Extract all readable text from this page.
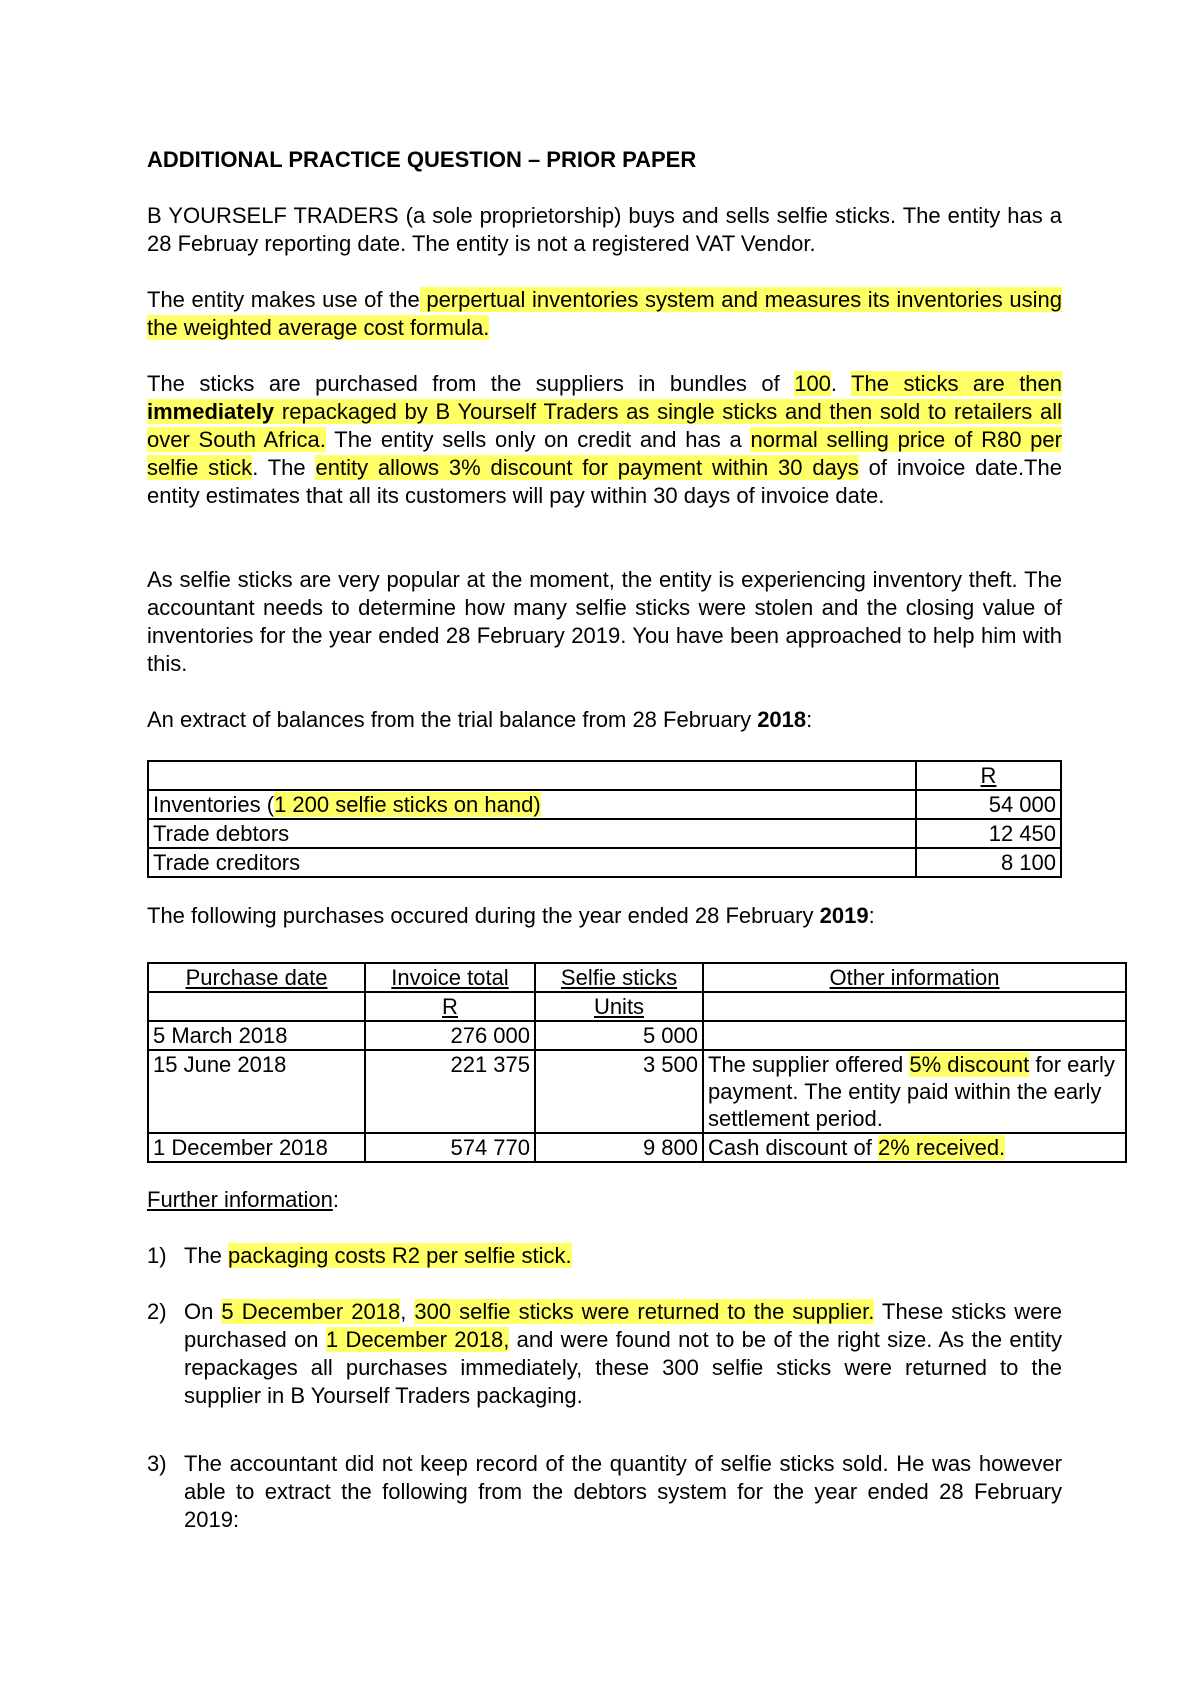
ADDITIONAL PRACTICE QUESTION – PRIOR PAPER

B YOURSELF TRADERS (a sole proprietorship) buys and sells selfie sticks. The entity has a 28 Februay reporting date. The entity is not a registered VAT Vendor.

The entity makes use of the perpertual inventories system and measures its inventories using the weighted average cost formula.

The sticks are purchased from the suppliers in bundles of 100. The sticks are then immediately repackaged by B Yourself Traders as single sticks and then sold to retailers all over South Africa. The entity sells only on credit and has a normal selling price of R80 per selfie stick. The entity allows 3% discount for payment within 30 days of invoice date.The entity estimates that all its customers will pay within 30 days of invoice date.

As selfie sticks are very popular at the moment, the entity is experiencing inventory theft. The accountant needs to determine how many selfie sticks were stolen and the closing value of inventories for the year ended 28 February 2019. You have been approached to help him with this.

An extract of balances from the trial balance from 28 February 2018:

	R
Inventories (1 200 selfie sticks on hand)	54 000
Trade debtors	12 450
Trade creditors	8 100

The following purchases occured during the year ended 28 February 2019:

Purchase date	Invoice total	Selfie sticks	Other information
	R	Units	
5 March 2018	276 000	5 000	
15 June 2018	221 375	3 500	The supplier offered 5% discount for early payment. The entity paid within the early settlement period.
1 December 2018	574 770	9 800	Cash discount of 2% received.

Further information:

1) The packaging costs R2 per selfie stick.

2) On 5 December 2018, 300 selfie sticks were returned to the supplier. These sticks were purchased on 1 December 2018, and were found not to be of the right size. As the entity repackages all purchases immediately, these 300 selfie sticks were returned to the supplier in B Yourself Traders packaging.

3) The accountant did not keep record of the quantity of selfie sticks sold. He was however able to extract the following from the debtors system for the year ended 28 February 2019:
